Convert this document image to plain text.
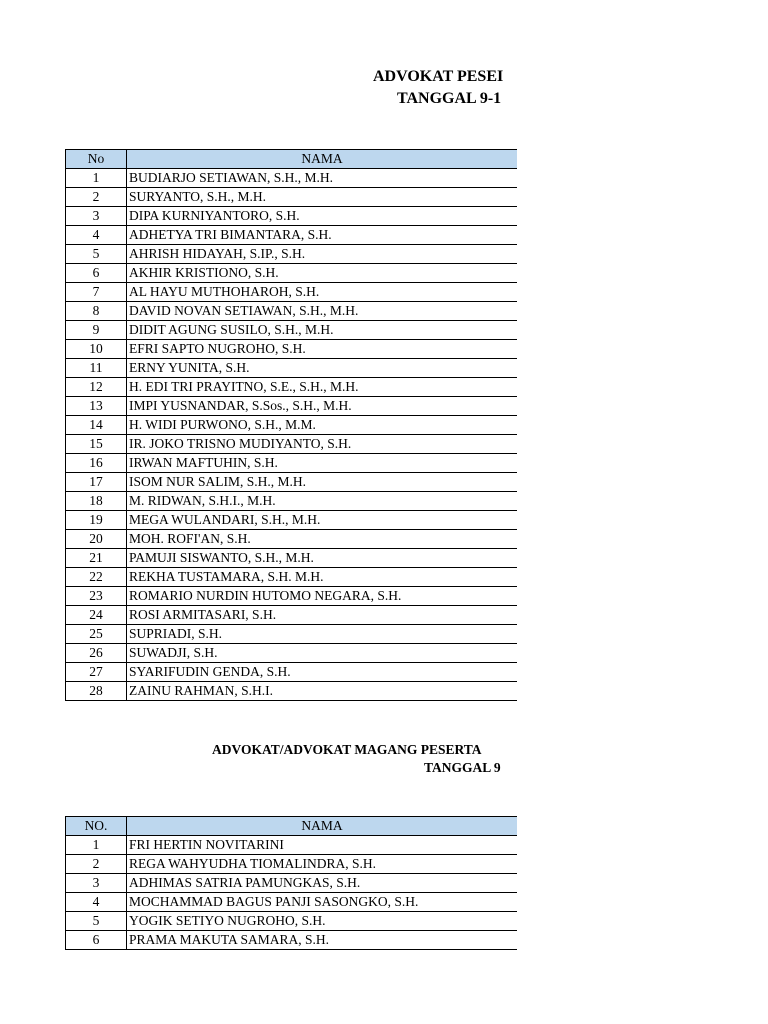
ADVOKAT PESEI
TANGGAL 9-1
No	NAMA
1	BUDIARJO SETIAWAN, S.H., M.H.
2	SURYANTO, S.H., M.H.
3	DIPA KURNIYANTORO, S.H.
4	ADHETYA TRI BIMANTARA, S.H.
5	AHRISH HIDAYAH, S.IP., S.H.
6	AKHIR KRISTIONO, S.H.
7	AL HAYU MUTHOHAROH, S.H.
8	DAVID NOVAN SETIAWAN, S.H., M.H.
9	DIDIT AGUNG SUSILO, S.H., M.H.
10	EFRI SAPTO NUGROHO, S.H.
11	ERNY YUNITA, S.H.
12	H. EDI TRI PRAYITNO, S.E., S.H., M.H.
13	IMPI YUSNANDAR, S.Sos., S.H., M.H.
14	H. WIDI PURWONO, S.H., M.M.
15	IR. JOKO TRISNO MUDIYANTO, S.H.
16	IRWAN MAFTUHIN, S.H.
17	ISOM NUR SALIM, S.H., M.H.
18	M. RIDWAN, S.H.I., M.H.
19	MEGA WULANDARI, S.H., M.H.
20	MOH. ROFI'AN, S.H.
21	PAMUJI SISWANTO, S.H., M.H.
22	REKHA TUSTAMARA, S.H. M.H.
23	ROMARIO NURDIN HUTOMO NEGARA, S.H.
24	ROSI ARMITASARI, S.H.
25	SUPRIADI, S.H.
26	SUWADJI, S.H.
27	SYARIFUDIN GENDA, S.H.
28	ZAINU RAHMAN, S.H.I.
ADVOKAT/ADVOKAT MAGANG PESERTA
TANGGAL 9
NO.	NAMA
1	FRI HERTIN NOVITARINI
2	REGA WAHYUDHA TIOMALINDRA, S.H.
3	ADHIMAS SATRIA PAMUNGKAS, S.H.
4	MOCHAMMAD BAGUS PANJI SASONGKO, S.H.
5	YOGIK SETIYO NUGROHO, S.H.
6	PRAMA MAKUTA SAMARA, S.H.
